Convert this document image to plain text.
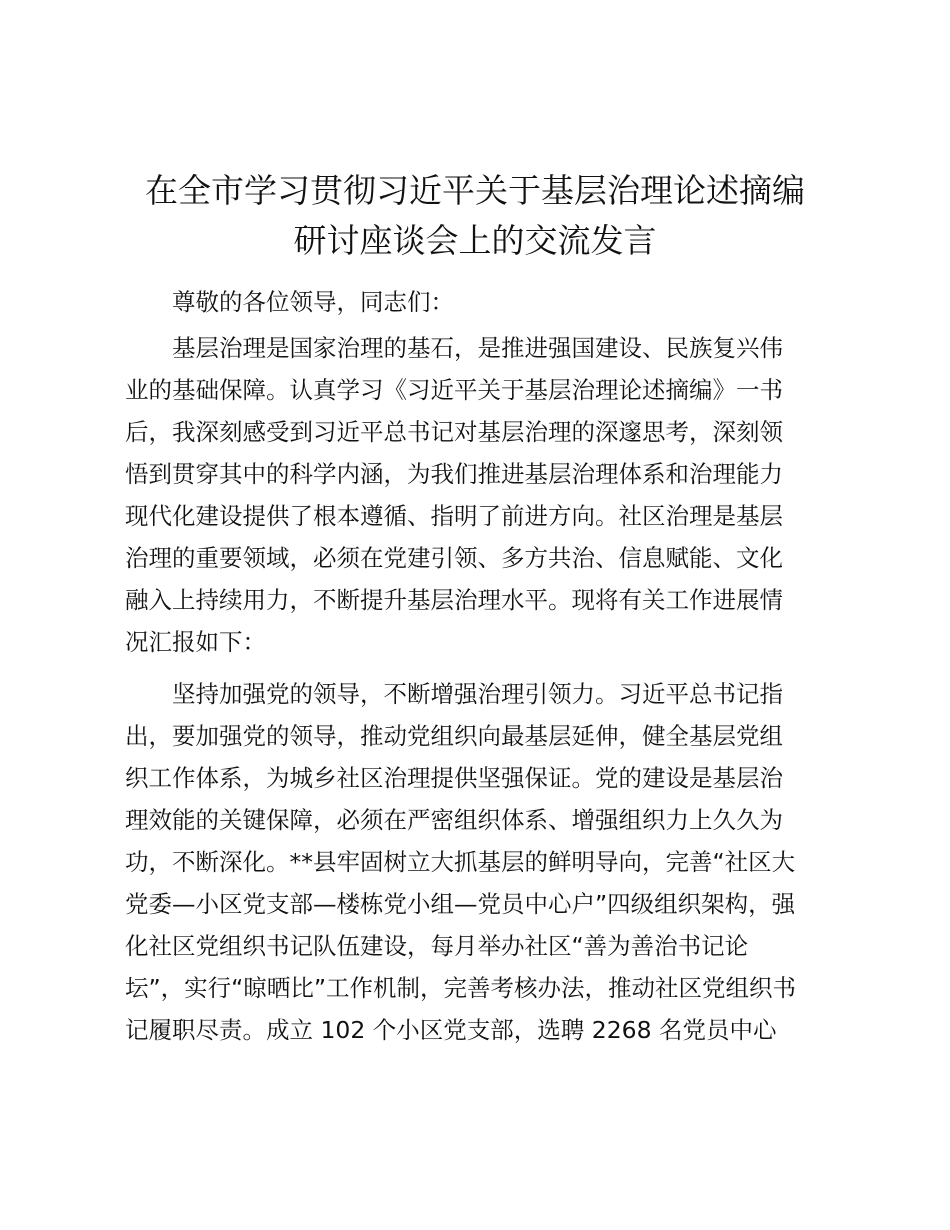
在全市学习贯彻习近平关于基层治理论述摘编
研讨座谈会上的交流发言

尊敬的各位领导，同志们：

基层治理是国家治理的基石，是推进强国建设、民族复兴伟

业的基础保障。认真学习《习近平关于基层治理论述摘编》一书

后，我深刻感受到习近平总书记对基层治理的深邃思考，深刻领

悟到贯穿其中的科学内涵，为我们推进基层治理体系和治理能力

现代化建设提供了根本遵循、指明了前进方向。社区治理是基层

治理的重要领域，必须在党建引领、多方共治、信息赋能、文化

融入上持续用力，不断提升基层治理水平。现将有关工作进展情

况汇报如下：

坚持加强党的领导，不断增强治理引领力。习近平总书记指

出，要加强党的领导，推动党组织向最基层延伸，健全基层党组

织工作体系，为城乡社区治理提供坚强保证。党的建设是基层治

理效能的关键保障，必须在严密组织体系、增强组织力上久久为

功，不断深化。**县牢固树立大抓基层的鲜明导向，完善“社区大

党委—小区党支部—楼栋党小组—党员中心户”四级组织架构，强

化社区党组织书记队伍建设，每月举办社区“善为善治书记论

坛”，实行“晾晒比”工作机制，完善考核办法，推动社区党组织书

记履职尽责。成立 102 个小区党支部，选聘 2268 名党员中心
